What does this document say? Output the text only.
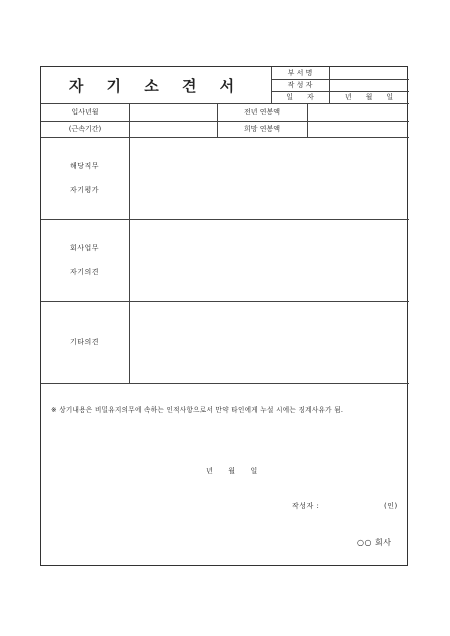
자 기 소 견 서
부 서 명
작 성 자
일　　자	년　　월　　일
입사년월	전년 연봉액
(근속기간)	희망 연봉액
해당직무
자기평가
회사업무
자기의견
기타의견
※ 상기내용은 비밀유지의무에 속하는 인적사항으로서 만약 타인에게 누설 시에는 징계사유가 됨.
년　　월　　일
작성자 :	(인)
○○ 회사
